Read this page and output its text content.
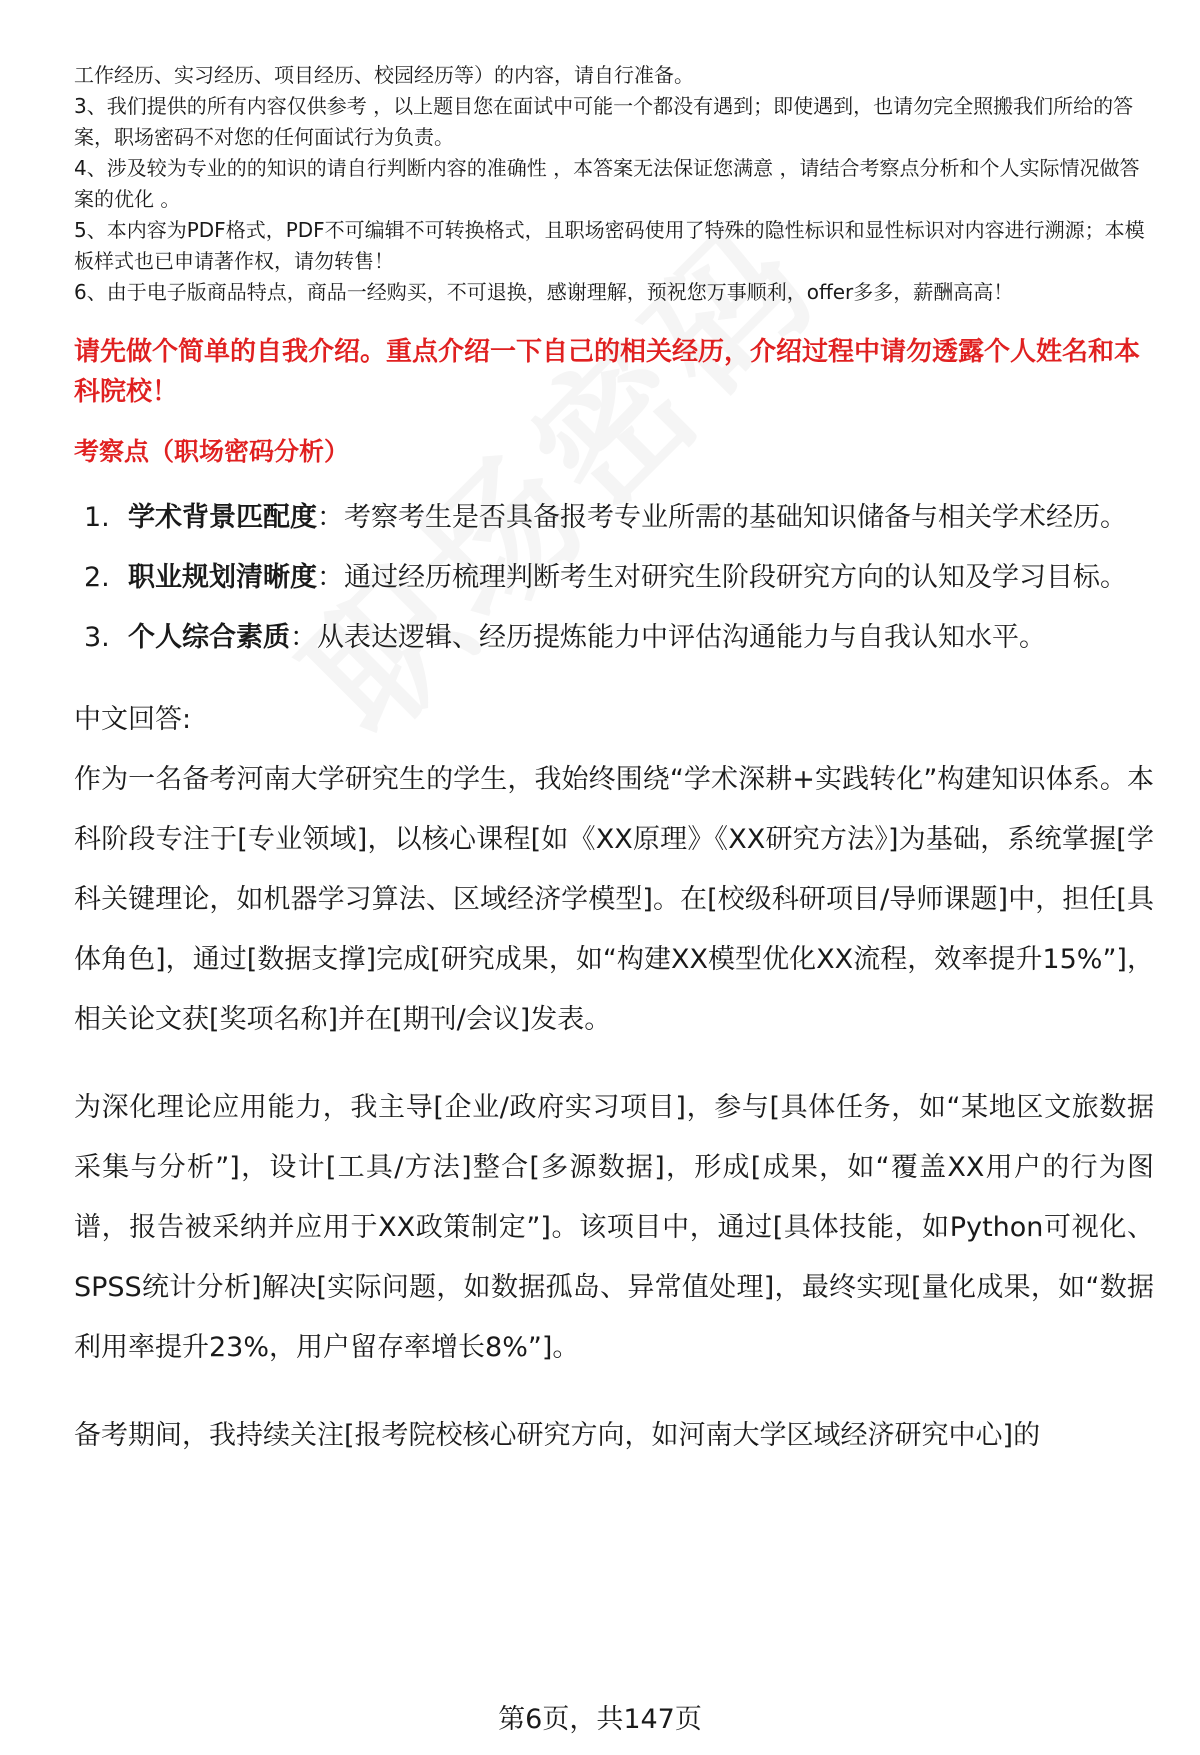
工作经历、实习经历、项目经历、校园经历等）的内容，请自行准备。

3、我们提供的所有内容仅供参考 ，以上题目您在面试中可能一个都没有遇到；即使遇到，也请勿完全照搬我们所给的答案，职场密码不对您的任何面试行为负责。

4、涉及较为专业的的知识的请自行判断内容的准确性 ，本答案无法保证您满意 ，请结合考察点分析和个人实际情况做答案的优化 。

5、本内容为PDF格式，PDF不可编辑不可转换格式，且职场密码使用了特殊的隐性标识和显性标识对内容进行溯源；本模板样式也已申请著作权，请勿转售！

6、由于电子版商品特点，商品一经购买，不可退换，感谢理解，预祝您万事顺利，offer多多，薪酬高高！

请先做个简单的自我介绍。重点介绍一下自己的相关经历，介绍过程中请勿透露个人姓名和本科院校！
考察点（职场密码分析）
1. 学术背景匹配度：考察考生是否具备报考专业所需的基础知识储备与相关学术经历。
2. 职业规划清晰度：通过经历梳理判断考生对研究生阶段研究方向的认知及学习目标。
3. 个人综合素质：从表达逻辑、经历提炼能力中评估沟通能力与自我认知水平。
中文回答:

作为一名备考河南大学研究生的学生，我始终围绕“学术深耕+实践转化”构建知识体系。本科阶段专注于[专业领域]，以核心课程[如《XX原理》《XX研究方法》]为基础，系统掌握[学科关键理论，如机器学习算法、区域经济学模型]。在[校级科研项目/导师课题]中，担任[具体角色]，通过[数据支撑]完成[研究成果，如“构建XX模型优化XX流程，效率提升15%”]，相关论文获[奖项名称]并在[期刊/会议]发表。

为深化理论应用能力，我主导[企业/政府实习项目]，参与[具体任务，如“某地区文旅数据采集与分析”]，设计[工具/方法]整合[多源数据]，形成[成果，如“覆盖XX用户的行为图谱，报告被采纳并应用于XX政策制定”]。该项目中，通过[具体技能，如Python可视化、SPSS统计分析]解决[实际问题，如数据孤岛、异常值处理]，最终实现[量化成果，如“数据利用率提升23%，用户留存率增长8%”]。

备考期间，我持续关注[报考院校核心研究方向，如河南大学区域经济研究中心]的

第6页，共147页
